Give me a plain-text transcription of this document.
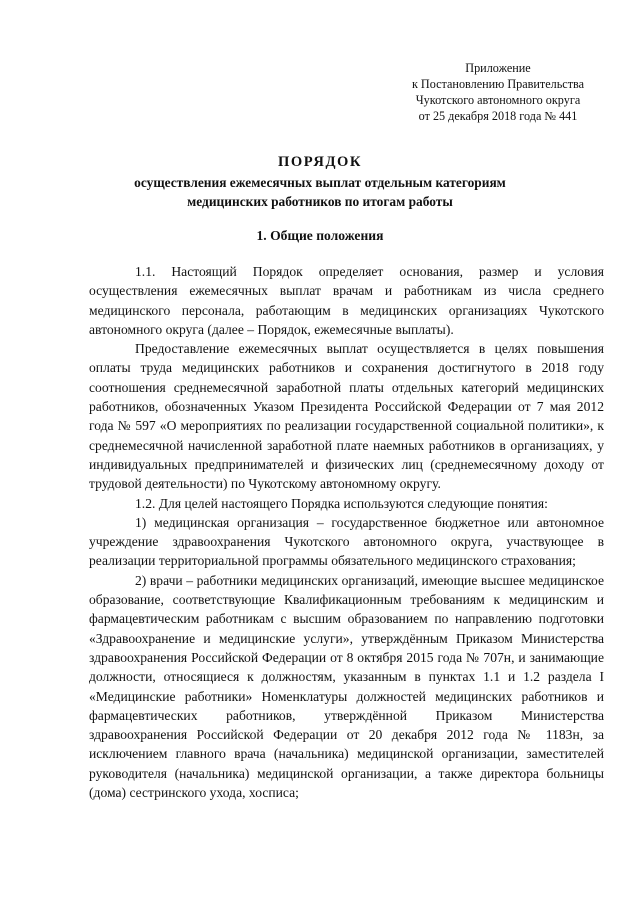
Приложение
к Постановлению Правительства
Чукотского автономного округа
от 25 декабря 2018 года № 441
ПОРЯДОК
осуществления ежемесячных выплат отдельным категориям
медицинских работников по итогам работы
1. Общие положения

1.1. Настоящий Порядок определяет основания, размер и условия осуществления ежемесячных выплат врачам и работникам из числа среднего медицинского персонала, работающим в медицинских организациях Чукотского автономного округа (далее – Порядок, ежемесячные выплаты).

Предоставление ежемесячных выплат осуществляется в целях повышения оплаты труда медицинских работников и сохранения достигнутого в 2018 году соотношения среднемесячной заработной платы отдельных категорий медицинских работников, обозначенных Указом Президента Российской Федерации от 7 мая 2012 года № 597 «О мероприятиях по реализации государственной социальной политики», к среднемесячной начисленной заработной плате наемных работников в организациях, у индивидуальных предпринимателей и физических лиц (среднемесячному доходу от трудовой деятельности) по Чукотскому автономному округу.

1.2. Для целей настоящего Порядка используются следующие понятия:

1) медицинская организация – государственное бюджетное или автономное учреждение здравоохранения Чукотского автономного округа, участвующее в реализации территориальной программы обязательного медицинского страхования;

2) врачи – работники медицинских организаций, имеющие высшее медицинское образование, соответствующие Квалификационным требованиям к медицинским и фармацевтическим работникам с высшим образованием по направлению подготовки «Здравоохранение и медицинские услуги», утверждённым Приказом Министерства здравоохранения Российской Федерации от 8 октября 2015 года № 707н, и занимающие должности, относящиеся к должностям, указанным в пунктах 1.1 и 1.2 раздела I «Медицинские работники» Номенклатуры должностей медицинских работников и фармацевтических работников, утверждённой Приказом Министерства здравоохранения Российской Федерации от 20 декабря 2012 года № 1183н, за исключением главного врача (начальника) медицинской организации, заместителей руководителя (начальника) медицинской организации, а также директора больницы (дома) сестринского ухода, хосписа;
